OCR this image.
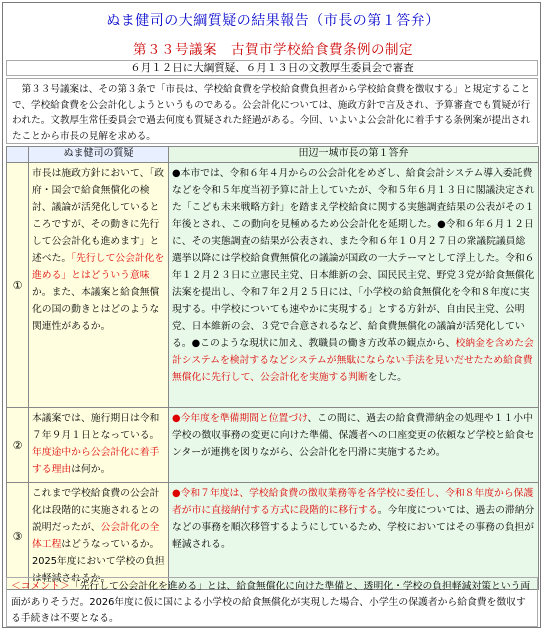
ぬま健司の大綱質疑の結果報告（市長の第１答弁）
第３３号議案　古賀市学校給食費条例の制定
６月１２日に大綱質疑、６月１３日の文教厚生委員会で審査
第３３号議案は、その第３条で「市長は、学校給食費を学校給食費負担者から学校給食費を徴収する」と規定することで、学校給食費を公会計化しようというものである。公会計化については、施政方針で言及され、予算審査でも質疑が行われた。文教厚生常任委員会で過去何度も質疑された経過がある。今回、いよいよ公会計化に着手する条例案が提出されたことから市長の見解を求める。
	ぬま健司の質疑	田辺一城市長の第１答弁
①	市長は施政方針において、「政府・国会で給食無償化の検討、議論が活発化しているところですが、その動きに先行して公会計化も進めます」と述べた。「先行して公会計化を進める」とはどういう意味か。また、本議案と給食無償化の国の動きとはどのような関連性があるか。	●本市では、令和６年４月からの公会計化をめざし、給食会計システム導入委託費などを令和５年度当初予算に計上していたが、令和５年６月１３日に閣議決定された「こども未来戦略方針」を踏まえ学校給食に関する実態調査結果の公表がその１年後とされ、この動向を見極めるため公会計化を延期した。●令和６年６月１２日に、その実態調査の結果が公表され、また令和６年１０月２７日の衆議院議員総選挙以降には学校給食費無償化の議論が国政の一大テーマとして浮上した。令和６年１２月２３日に立憲民主党、日本維新の会、国民民主党、野党３党が給食無償化法案を提出し、令和７年２月２５日には、「小学校の給食無償化を令和８年度に実現する。中学校についても速やかに実現する」とする方針が、自由民主党、公明党、日本維新の会、３党で合意されるなど、給食費無償化の議論が活発化している。●このような現状に加え、教職員の働き方改革の観点から、校納金を含めた会計システムを検討するなどシステムが無駄にならない手法を見いだせたため給食費無償化に先行して、公会計化を実施する判断をした。
②	本議案では、施行期日は令和７年９月１日となっている。年度途中から公会計化に着手する理由は何か。	●今年度を準備期間と位置づけ、この間に、過去の給食費滞納金の処理や１１小中学校の徴収事務の変更に向けた準備、保護者への口座変更の依頼など学校と給食センターが連携を図りながら、公会計化を円滑に実施するため。
③	これまで学校給食費の公会計化は段階的に実施されるとの説明だったが、公会計化の全体工程はどうなっているか。2025年度において学校の負担は軽減されるか。	●令和７年度は、学校給食費の徴収業務等を各学校に委任し、令和８年度から保護者が市に直接納付する方式に段階的に移行する。今年度については、過去の滞納分などの事務を順次移管するようにしているため、学校においてはその事務の負担が軽減される。
＜コメント＞「先行して公会計化を進める」とは、給食無償化に向けた準備と、透明化・学校の負担軽減対策という両面がありそうだ。2026年度に仮に国による小学校の給食無償化が実現した場合、小学生の保護者から給食費を徴収する手続きは不要となる。
